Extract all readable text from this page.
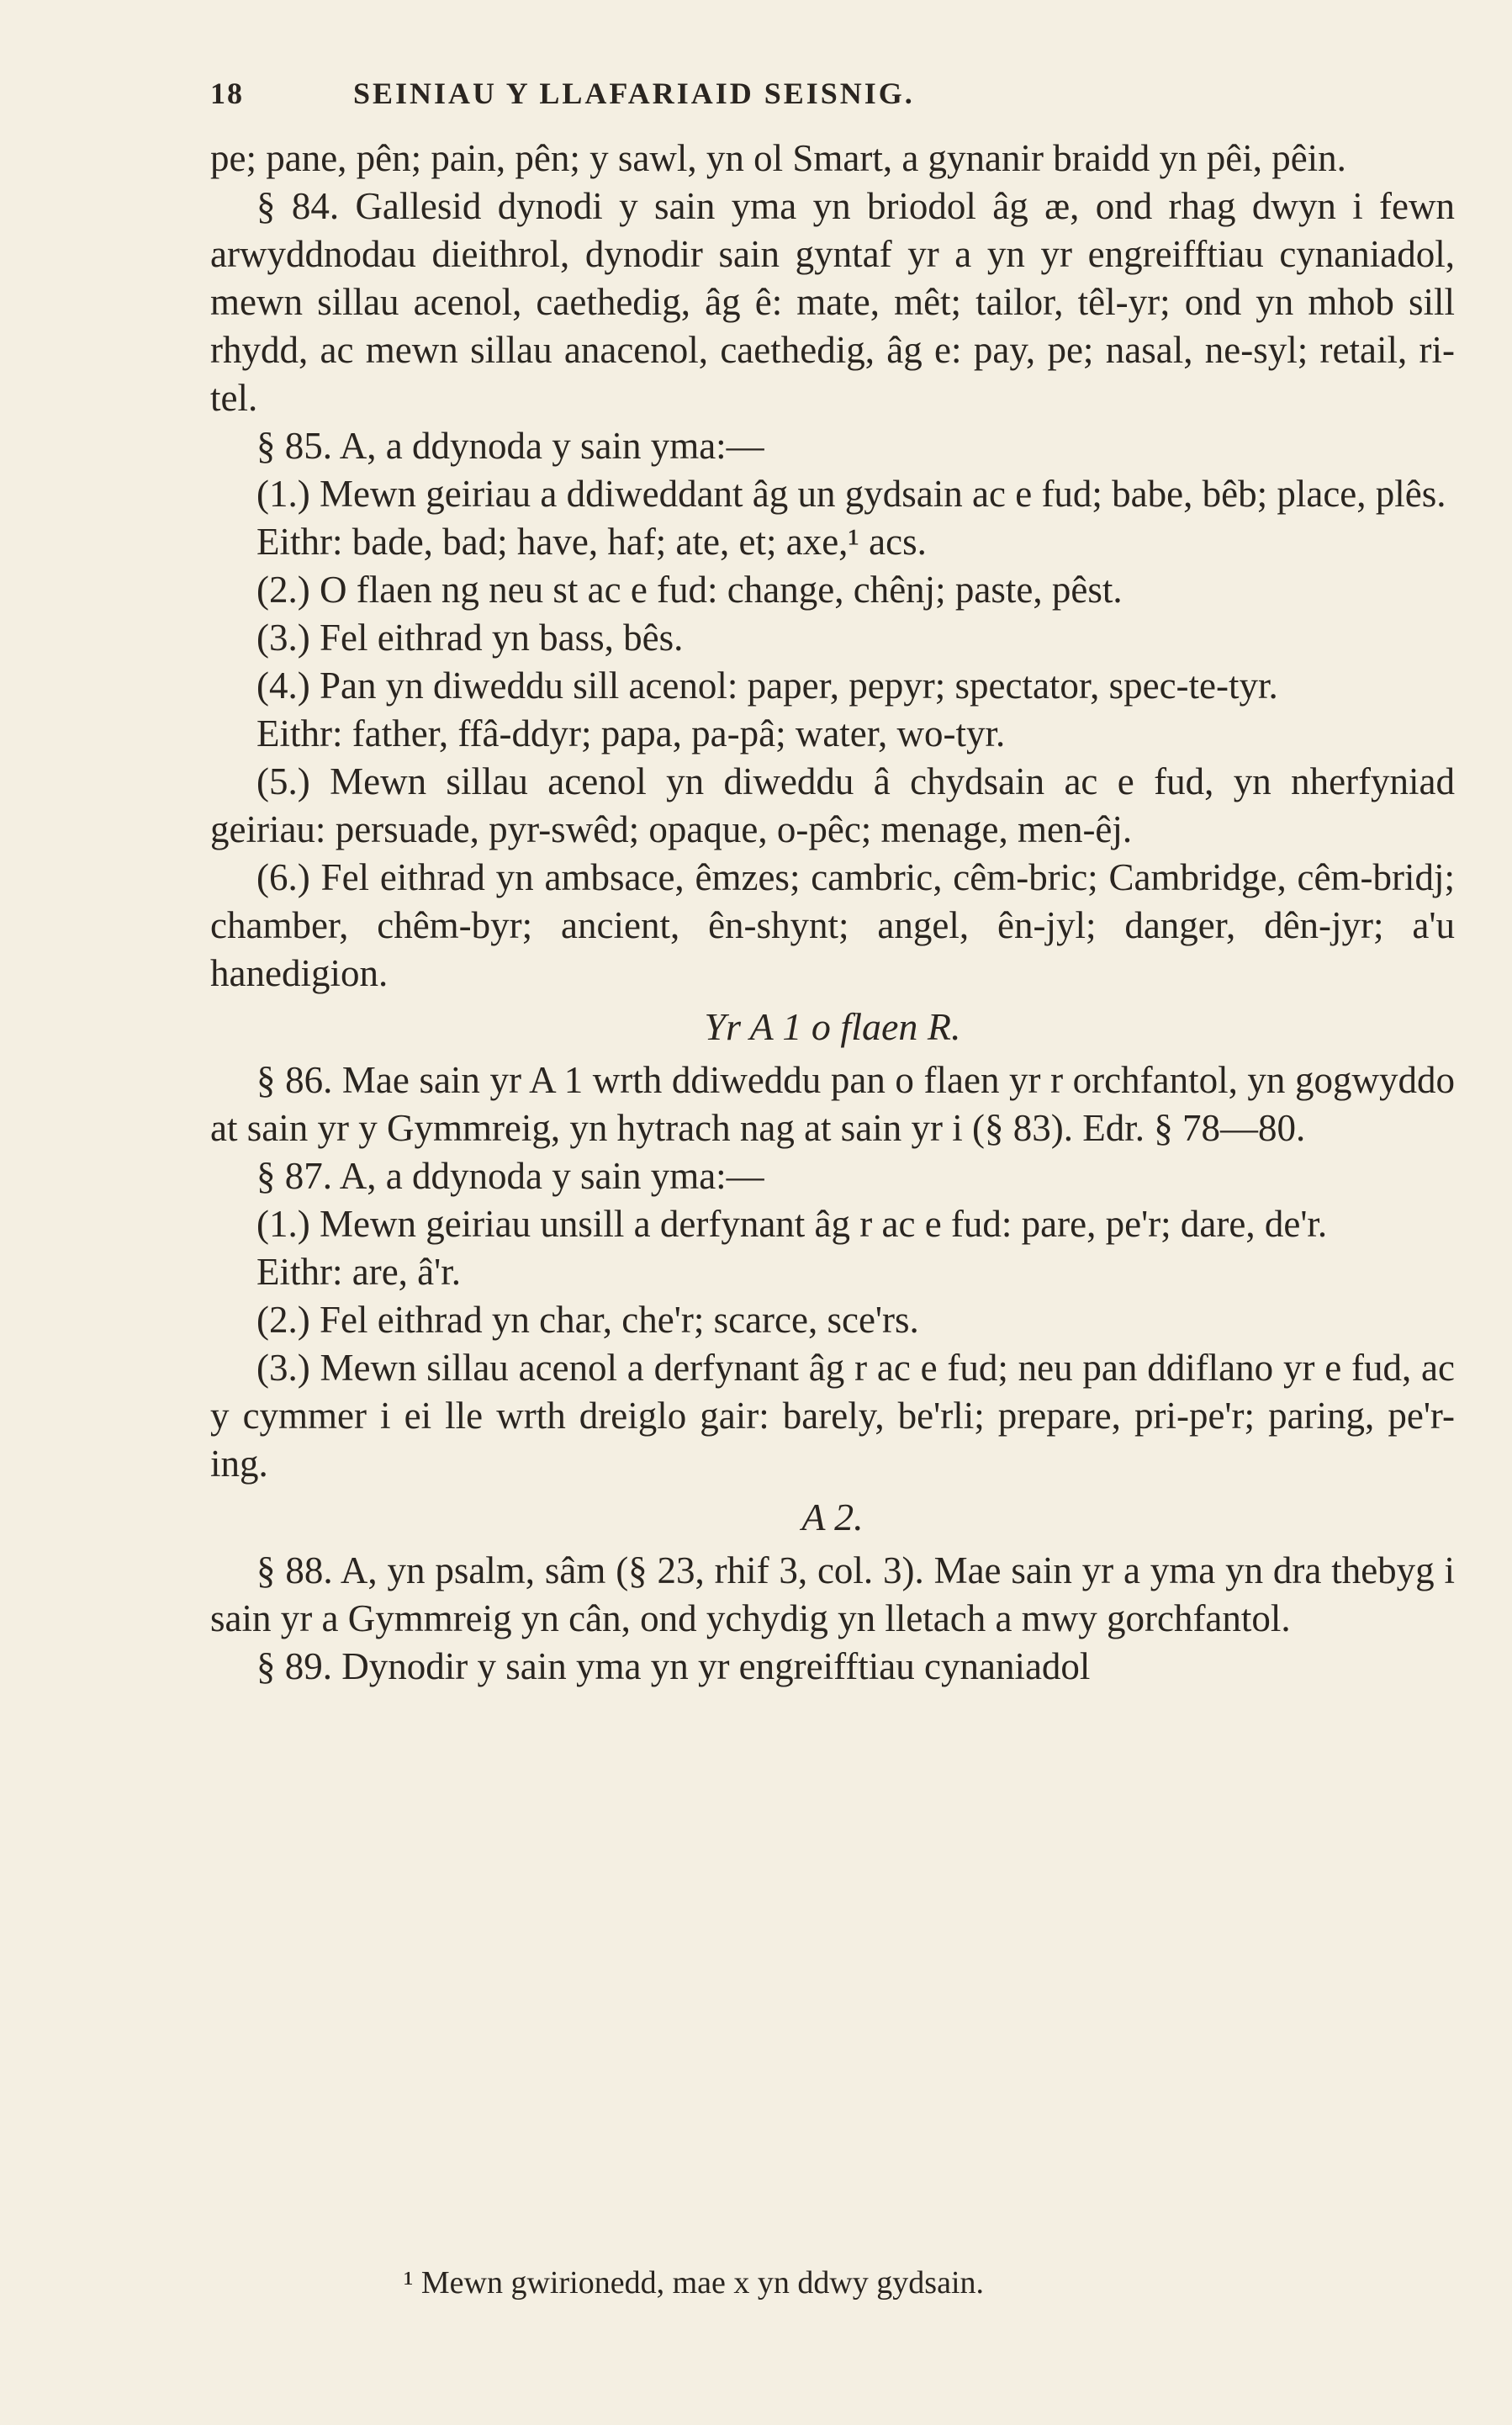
18	SEINIAU Y LLAFARIAID SEISNIG.

pe; pane, pên; pain, pên; y sawl, yn ol Smart, a gynanir braidd yn pêi, pêin.

§ 84. Gallesid dynodi y sain yma yn briodol âg æ, ond rhag dwyn i fewn arwyddnodau dieithrol, dynodir sain gyntaf yr a yn yr engreifftiau cynaniadol, mewn sillau acenol, caethedig, âg ê: mate, mêt; tailor, têl-yr; ond yn mhob sill rhydd, ac mewn sillau anacenol, caethedig, âg e: pay, pe; nasal, ne-syl; retail, ri-tel.

§ 85. A, a ddynoda y sain yma:—

(1.) Mewn geiriau a ddiweddant âg un gydsain ac e fud; babe, bêb; place, plês.

Eithr: bade, bad; have, haf; ate, et; axe,¹ acs.

(2.) O flaen ng neu st ac e fud: change, chênj; paste, pêst.

(3.) Fel eithrad yn bass, bês.

(4.) Pan yn diweddu sill acenol: paper, pepyr; spectator, spec-te-tyr.

Eithr: father, ffâ-ddyr; papa, pa-pâ; water, wo-tyr.

(5.) Mewn sillau acenol yn diweddu â chydsain ac e fud, yn nherfyniad geiriau: persuade, pyr-swêd; opaque, o-pêc; menage, men-êj.

(6.) Fel eithrad yn ambsace, êmzes; cambric, cêm-bric; Cambridge, cêm-bridj; chamber, chêm-byr; ancient, ên-shynt; angel, ên-jyl; danger, dên-jyr; a'u hanedigion.

Yr A 1 o flaen R.

§ 86. Mae sain yr A 1 wrth ddiweddu pan o flaen yr r orchfantol, yn gogwyddo at sain yr y Gymmreig, yn hytrach nag at sain yr i (§ 83). Edr. § 78—80.

§ 87. A, a ddynoda y sain yma:—

(1.) Mewn geiriau unsill a derfynant âg r ac e fud: pare, pe'r; dare, de'r.

Eithr: are, â'r.

(2.) Fel eithrad yn char, che'r; scarce, sce'rs.

(3.) Mewn sillau acenol a derfynant âg r ac e fud; neu pan ddiflano yr e fud, ac y cymmer i ei lle wrth dreiglo gair: barely, be'rli; prepare, pri-pe'r; paring, pe'r-ing.

A 2.

§ 88. A, yn psalm, sâm (§ 23, rhif 3, col. 3). Mae sain yr a yma yn dra thebyg i sain yr a Gymmreig yn cân, ond ychydig yn lletach a mwy gorchfantol.

§ 89. Dynodir y sain yma yn yr engreifftiau cynaniadol

¹ Mewn gwirionedd, mae x yn ddwy gydsain.
